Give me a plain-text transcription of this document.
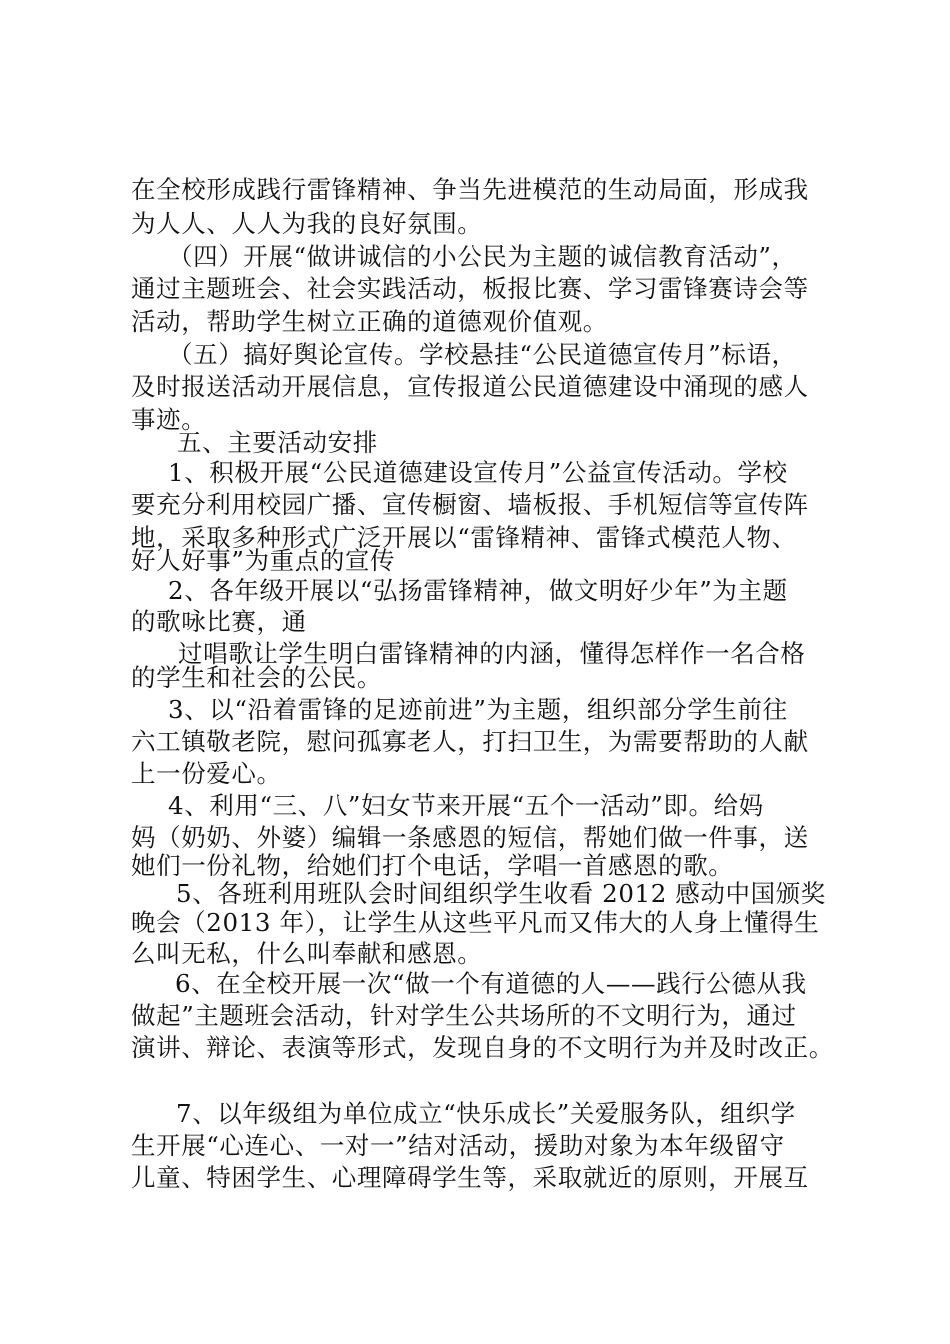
在全校形成践行雷锋精神、争当先进模范的生动局面，形成我
为人人、人人为我的良好氛围。
（四）开展“做讲诚信的小公民为主题的诚信教育活动”，
通过主题班会、社会实践活动，板报比赛、学习雷锋赛诗会等
活动，帮助学生树立正确的道德观价值观。
（五）搞好舆论宣传。学校悬挂“公民道德宣传月”标语，
及时报送活动开展信息，宣传报道公民道德建设中涌现的感人
事迹。
五、主要活动安排
1、积极开展“公民道德建设宣传月”公益宣传活动。学校
要充分利用校园广播、宣传橱窗、墙板报、手机短信等宣传阵
地，采取多种形式广泛开展以“雷锋精神、雷锋式模范人物、
好人好事”为重点的宣传
2、各年级开展以“弘扬雷锋精神，做文明好少年”为主题
的歌咏比赛，通
过唱歌让学生明白雷锋精神的内涵，懂得怎样作一名合格
的学生和社会的公民。
3、以“沿着雷锋的足迹前进”为主题，组织部分学生前往
六工镇敬老院，慰问孤寡老人，打扫卫生，为需要帮助的人献
上一份爱心。
4、利用“三、八”妇女节来开展“五个一活动”即。给妈
妈（奶奶、外婆）编辑一条感恩的短信，帮她们做一件事，送
她们一份礼物，给她们打个电话，学唱一首感恩的歌。
5、各班利用班队会时间组织学生收看 2012 感动中国颁奖
晚会（2013 年），让学生从这些平凡而又伟大的人身上懂得生
么叫无私，什么叫奉献和感恩。
6、在全校开展一次“做一个有道德的人——践行公德从我
做起”主题班会活动，针对学生公共场所的不文明行为，通过
演讲、辩论、表演等形式，发现自身的不文明行为并及时改正。
7、以年级组为单位成立“快乐成长”关爱服务队，组织学
生开展“心连心、一对一”结对活动，援助对象为本年级留守
儿童、特困学生、心理障碍学生等，采取就近的原则，开展互
